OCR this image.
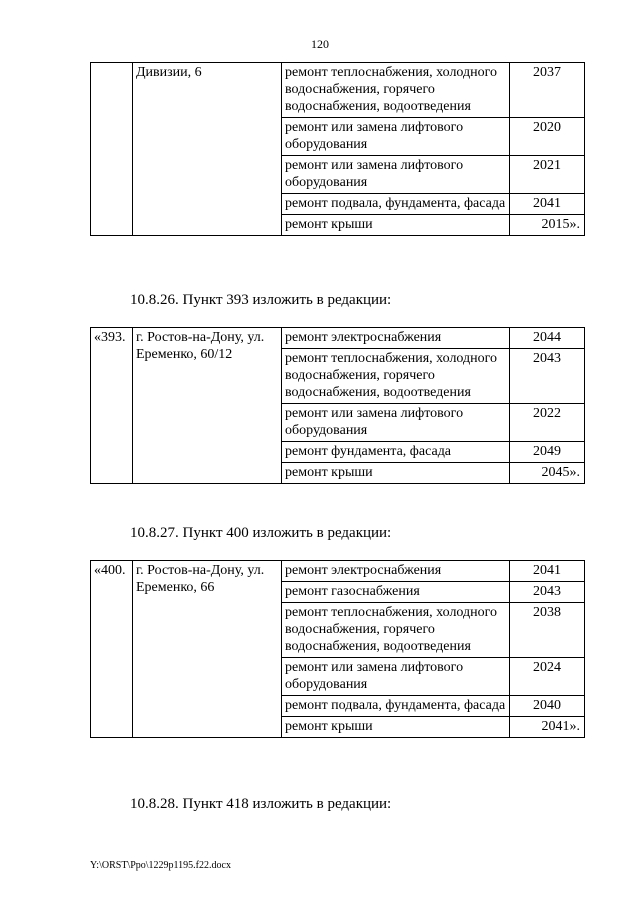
120
	Дивизии, 6	ремонт теплоснабжения, холодного водоснабжения, горячего водоснабжения, водоотведения	2037
		ремонт или замена лифтового оборудования	2020
		ремонт или замена лифтового оборудования	2021
		ремонт подвала, фундамента, фасада	2041
		ремонт крыши	2015».
10.8.26. Пункт 393 изложить в редакции:
«393.	г. Ростов-на-Дону, ул. Еременко, 60/12	ремонт электроснабжения	2044
		ремонт теплоснабжения, холодного водоснабжения, горячего водоснабжения, водоотведения	2043
		ремонт или замена лифтового оборудования	2022
		ремонт фундамента, фасада	2049
		ремонт крыши	2045».
10.8.27. Пункт 400 изложить в редакции:
«400.	г. Ростов-на-Дону, ул. Еременко, 66	ремонт электроснабжения	2041
		ремонт газоснабжения	2043
		ремонт теплоснабжения, холодного водоснабжения, горячего водоснабжения, водоотведения	2038
		ремонт или замена лифтового оборудования	2024
		ремонт подвала, фундамента, фасада	2040
		ремонт крыши	2041».
10.8.28. Пункт 418 изложить в редакции:
Y:\ORST\Ppo\1229p1195.f22.docx
